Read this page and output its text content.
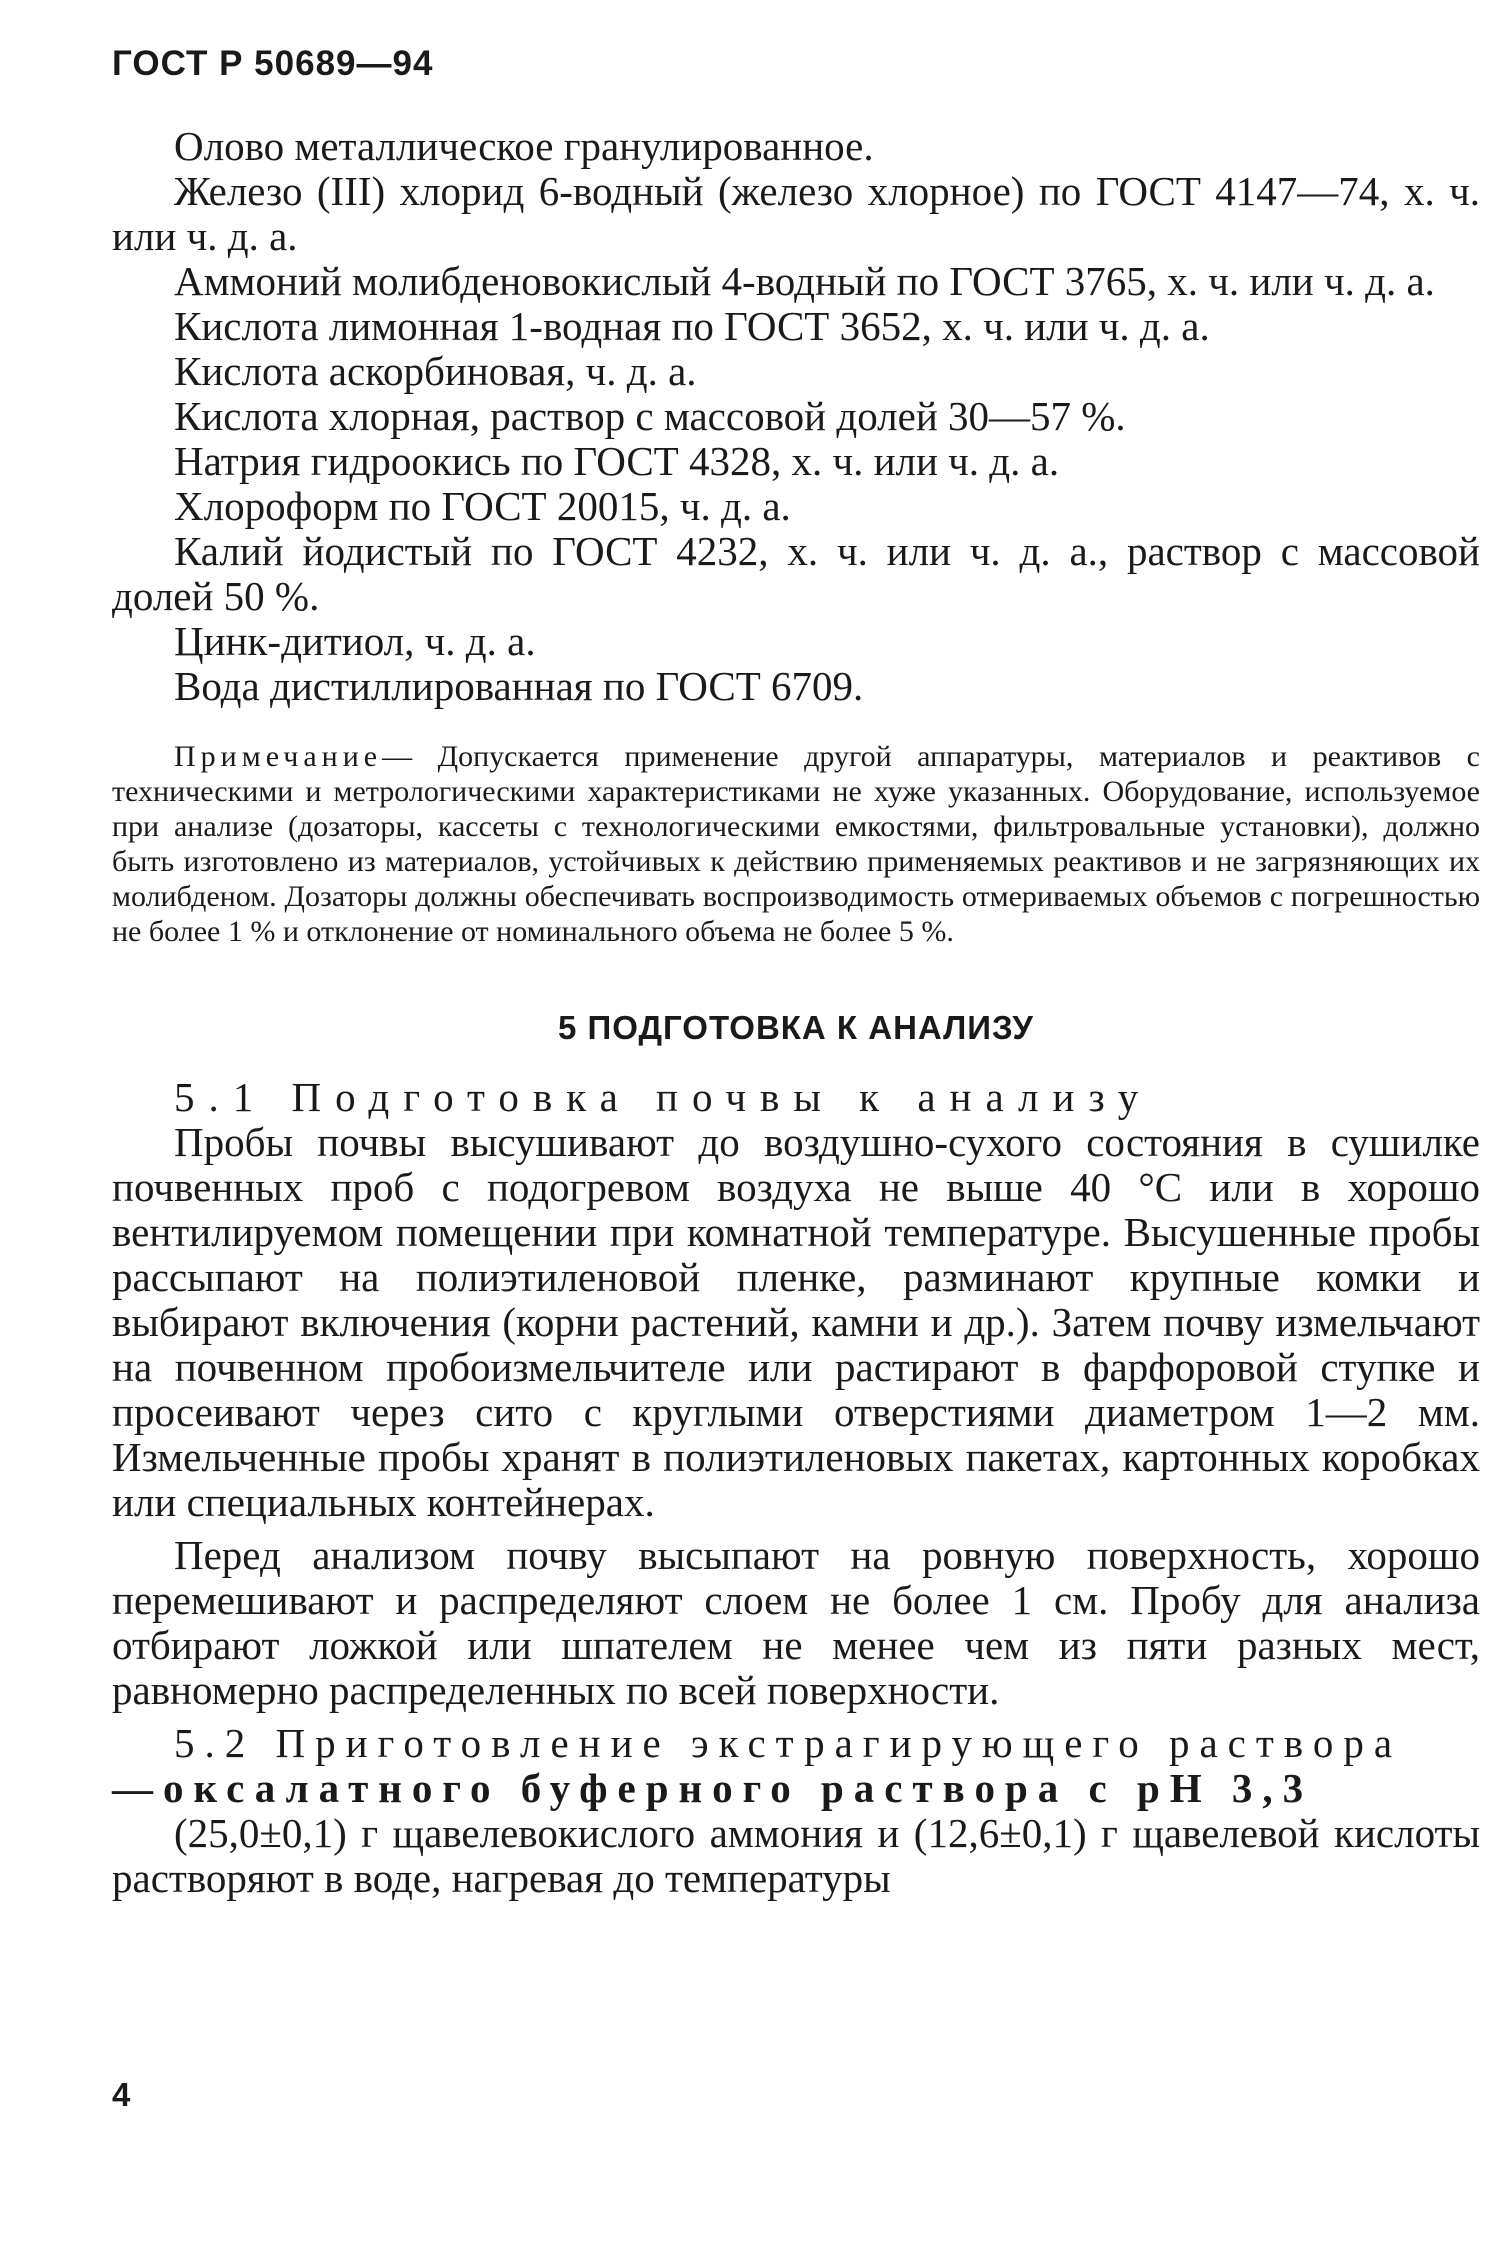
ГОСТ Р 50689—94

Олово металлическое гранулированное.

Железо (III) хлорид 6-водный (железо хлорное) по ГОСТ 4147—74, х. ч. или ч. д. а.

Аммоний молибденовокислый 4-водный по ГОСТ 3765, х. ч. или ч. д. а.

Кислота лимонная 1-водная по ГОСТ 3652, х. ч. или ч. д. а.

Кислота аскорбиновая, ч. д. а.

Кислота хлорная, раствор с массовой долей 30—57 %.

Натрия гидроокись по ГОСТ 4328, х. ч. или ч. д. а.

Хлороформ по ГОСТ 20015, ч. д. а.

Калий йодистый по ГОСТ 4232, х. ч. или ч. д. а., раствор с массовой долей 50 %.

Цинк-дитиол, ч. д. а.

Вода дистиллированная по ГОСТ 6709.

Примечание— Допускается применение другой аппаратуры, материалов и реактивов с техническими и метрологическими характеристиками не хуже указанных. Оборудование, используемое при анализе (дозаторы, кассеты с технологическими емкостями, фильтровальные установки), должно быть изготовлено из материалов, устойчивых к действию применяемых реактивов и не загрязняющих их молибденом. Дозаторы должны обеспечивать воспроизводимость отмериваемых объемов с погрешностью не более 1 % и отклонение от номинального объема не более 5 %.

5 ПОДГОТОВКА К АНАЛИЗУ

5.1 Подготовка почвы к анализу

Пробы почвы высушивают до воздушно-сухого состояния в сушилке почвенных проб с подогревом воздуха не выше 40 °С или в хорошо вентилируемом помещении при комнатной температуре. Высушенные пробы рассыпают на полиэтиленовой пленке, разминают крупные комки и выбирают включения (корни растений, камни и др.). Затем почву измельчают на почвенном пробоизмельчителе или растирают в фарфоровой ступке и просеивают через сито с круглыми отверстиями диаметром 1—2 мм. Измельченные пробы хранят в полиэтиленовых пакетах, картонных коробках или специальных контейнерах.

Перед анализом почву высыпают на ровную поверхность, хорошо перемешивают и распределяют слоем не более 1 см. Пробу для анализа отбирают ложкой или шпателем не менее чем из пяти разных мест, равномерно распределенных по всей поверхности.

5.2 Приготовление экстрагирующего раствора

—оксалатного буферного раствора с рН 3,3

(25,0±0,1) г щавелевокислого аммония и (12,6±0,1) г щавелевой кислоты растворяют в воде, нагревая до температуры

4
